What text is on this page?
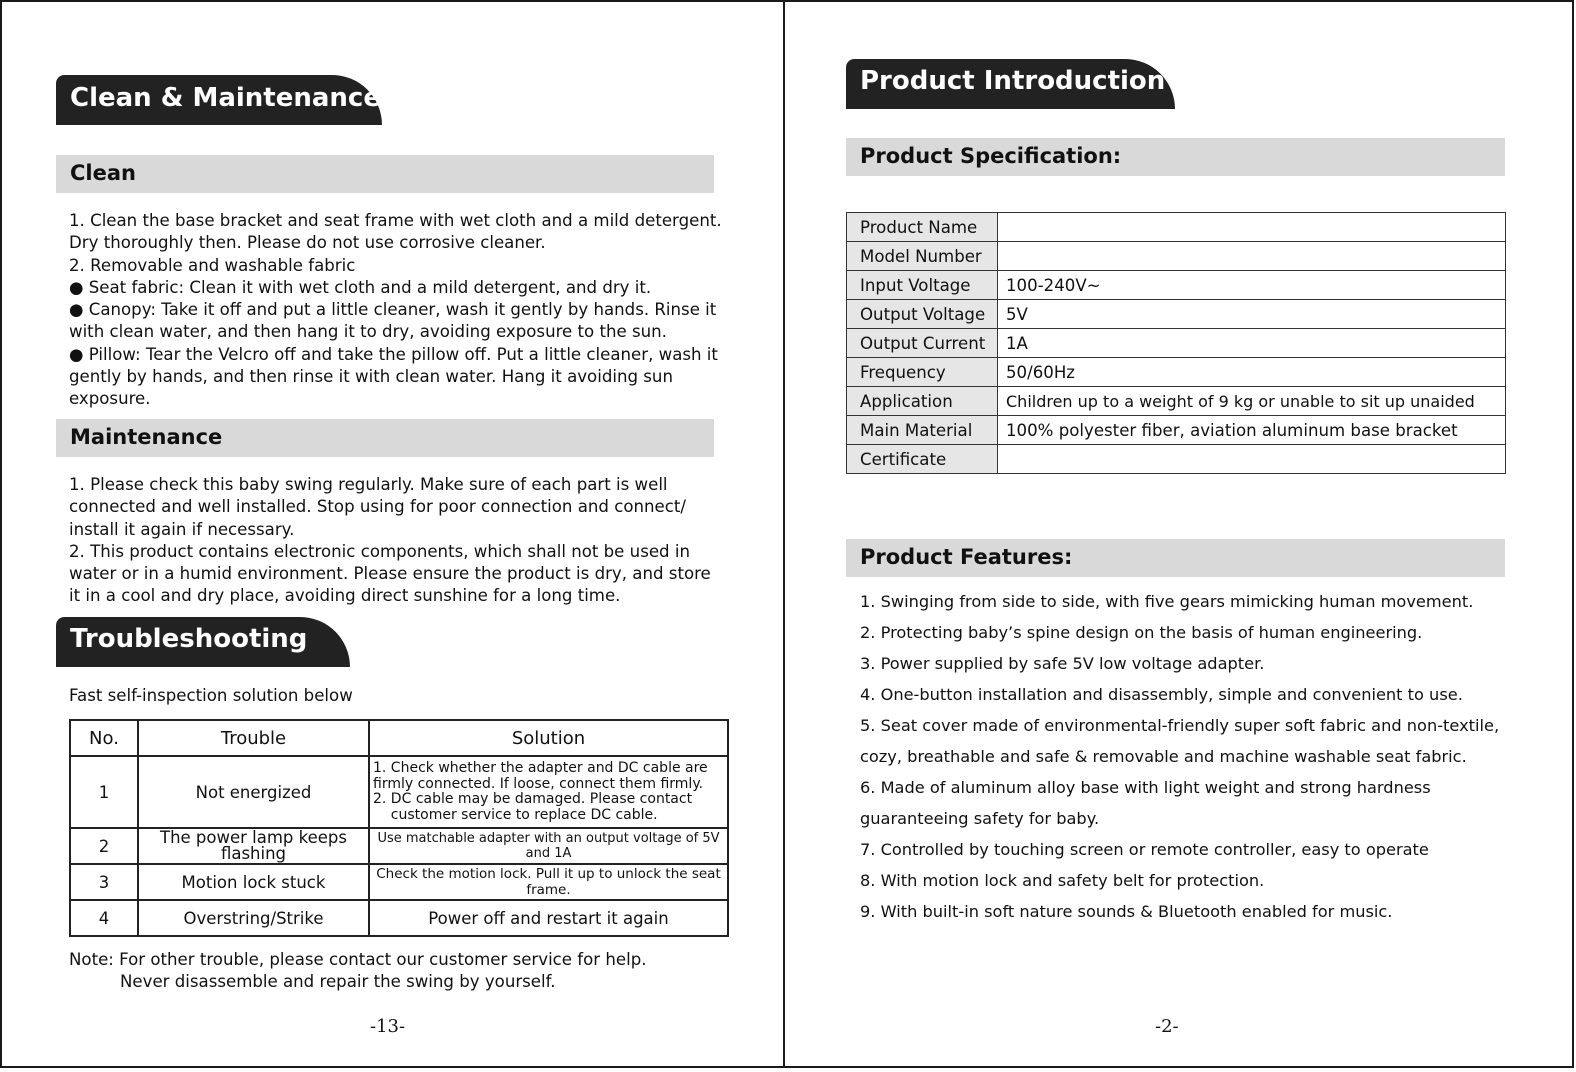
Clean & Maintenance
Clean
1. Clean the base bracket and seat frame with wet cloth and a mild detergent.
Dry thoroughly then. Please do not use corrosive cleaner.
2. Removable and washable fabric
● Seat fabric: Clean it with wet cloth and a mild detergent, and dry it.
● Canopy: Take it off and put a little cleaner, wash it gently by hands. Rinse it
with clean water, and then hang it to dry, avoiding exposure to the sun.
● Pillow: Tear the Velcro off and take the pillow off. Put a little cleaner, wash it
gently by hands, and then rinse it with clean water. Hang it avoiding sun
exposure.
Maintenance
1. Please check this baby swing regularly. Make sure of each part is well
connected and well installed. Stop using for poor connection and connect/
install it again if necessary.
2. This product contains electronic components, which shall not be used in
water or in a humid environment. Please ensure the product is dry, and store
it in a cool and dry place, avoiding direct sunshine for a long time.
Troubleshooting
Fast self-inspection solution below
No.	Trouble	Solution
1	Not energized	1. Check whether the adapter and DC cable are
firmly connected. If loose, connect them firmly.
2. DC cable may be damaged. Please contact
customer service to replace DC cable.

2	The power lamp keeps
flashing	Use matchable adapter with an output voltage of 5V and 1A
3	Motion lock stuck	Check the motion lock. Pull it up to unlock the seat frame.
4	Overstring/Strike	Power off and restart it again
Note: For other trouble, please contact our customer service for help.
Never disassemble and repair the swing by yourself.
-13-
Product Introduction
Product Specification:
Product Name	
Model Number	
Input Voltage	100-240V~
Output Voltage	5V
Output Current	1A
Frequency	50/60Hz
Application	Children up to a weight of 9 kg or unable to sit up unaided
Main Material	100% polyester fiber, aviation aluminum base bracket
Certificate	
Product Features:
1. Swinging from side to side, with five gears mimicking human movement.
2. Protecting baby’s spine design on the basis of human engineering.
3. Power supplied by safe 5V low voltage adapter.
4. One-button installation and disassembly, simple and convenient to use.
5. Seat cover made of environmental-friendly super soft fabric and non-textile,
cozy, breathable and safe & removable and machine washable seat fabric.
6. Made of aluminum alloy base with light weight and strong hardness
guaranteeing safety for baby.
7. Controlled by touching screen or remote controller, easy to operate
8. With motion lock and safety belt for protection.
9. With built-in soft nature sounds & Bluetooth enabled for music.
-2-
